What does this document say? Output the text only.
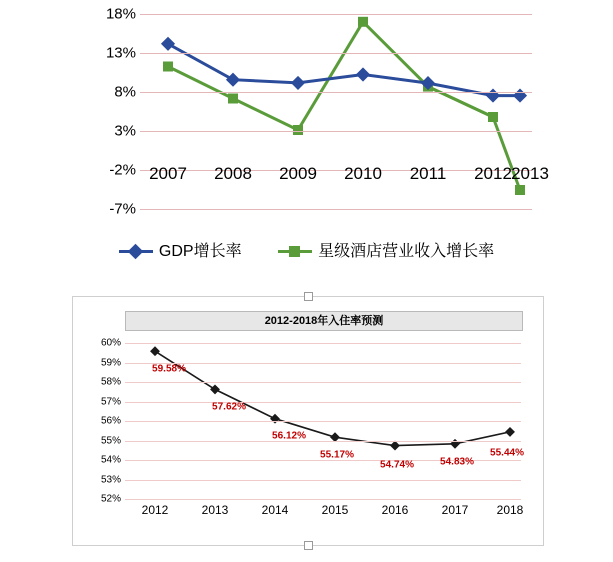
18%
13%
8%
3%
-2%
-7%
2007 2008 2009 2010 2011 2012 2013
GDP增长率	星级酒店营业收入增长率
2012-2018年入住率预测
60%
59%
58%
57%
56%
55%
54%
53%
52%
59.58%
57.62%
56.12%
55.17%
54.74%	54.83%
55.44%
2012	2013	2014	2015	2016	2017 2018
